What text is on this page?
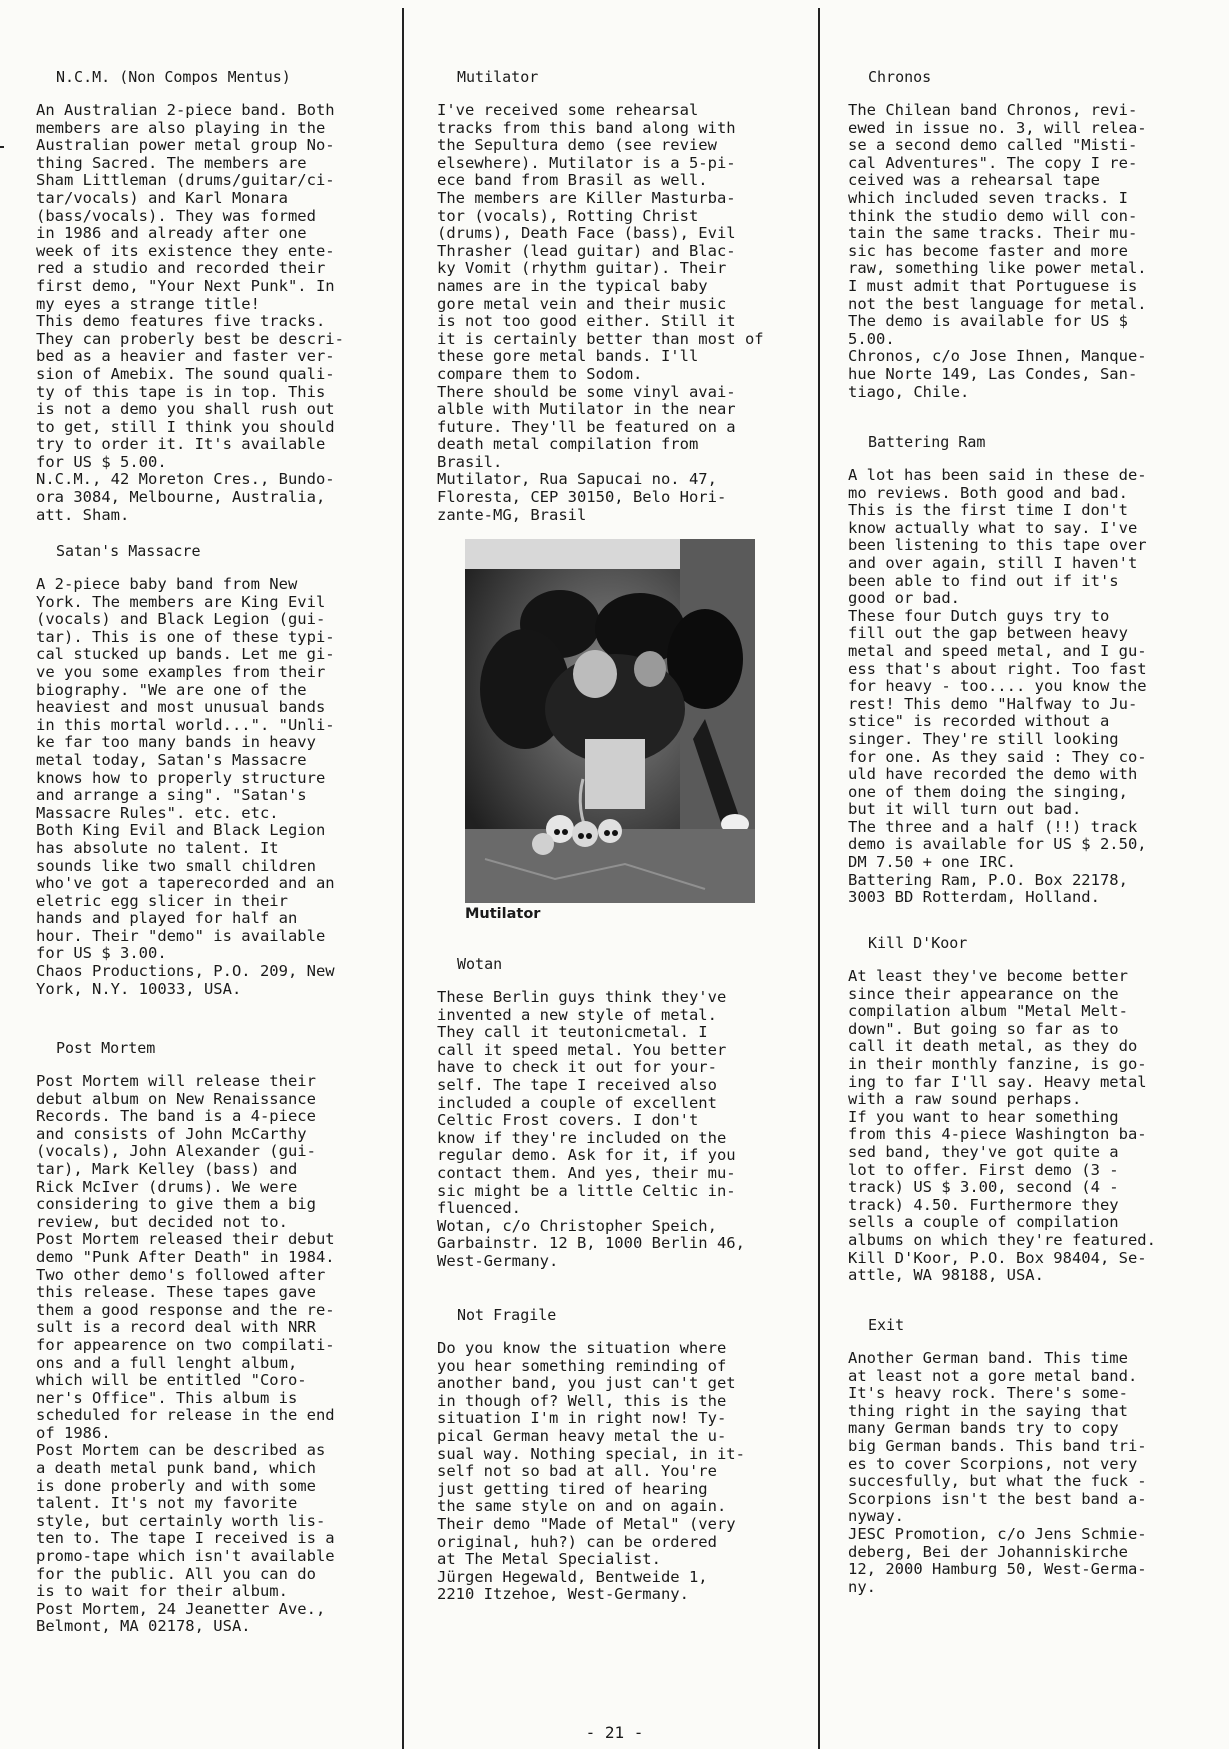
N.C.M. (Non Compos Mentus)

An Australian 2-piece band. Both
members are also playing in the
Australian power metal group No-
thing Sacred. The members are
Sham Littleman (drums/guitar/ci-
tar/vocals) and Karl Monara
(bass/vocals). They was formed
in 1986 and already after one
week of its existence they ente-
red a studio and recorded their
first demo, "Your Next Punk". In
my eyes a strange title!
This demo features five tracks.
They can proberly best be descri-
bed as a heavier and faster ver-
sion of Amebix. The sound quali-
ty of this tape is in top. This
is not a demo you shall rush out
to get, still I think you should
try to order it. It's available
for US $ 5.00.
N.C.M., 42 Moreton Cres., Bundo-
ora 3084, Melbourne, Australia,
att. Sham.

Satan's Massacre

A 2-piece baby band from New
York. The members are King Evil
(vocals) and Black Legion (gui-
tar). This is one of these typi-
cal stucked up bands. Let me gi-
ve you some examples from their
biography. "We are one of the
heaviest and most unusual bands
in this mortal world...". "Unli-
ke far too many bands in heavy
metal today, Satan's Massacre
knows how to properly structure
and arrange a sing". "Satan's
Massacre Rules". etc. etc.
Both King Evil and Black Legion
has absolute no talent. It
sounds like two small children
who've got a taperecorded and an
eletric egg slicer in their
hands and played for half an
hour. Their "demo" is available
for US $ 3.00.
Chaos Productions, P.O. 209, New
York, N.Y. 10033, USA.

Post Mortem

Post Mortem will release their
debut album on New Renaissance
Records. The band is a 4-piece
and consists of John McCarthy
(vocals), John Alexander (gui-
tar), Mark Kelley (bass) and
Rick McIver (drums). We were
considering to give them a big
review, but decided not to.
Post Mortem released their debut
demo "Punk After Death" in 1984.
Two other demo's followed after
this release. These tapes gave
them a good response and the re-
sult is a record deal with NRR
for appearence on two compilati-
ons and a full lenght album,
which will be entitled "Coro-
ner's Office". This album is
scheduled for release in the end
of 1986.
Post Mortem can be described as
a death metal punk band, which
is done proberly and with some
talent. It's not my favorite
style, but certainly worth lis-
ten to. The tape I received is a
promo-tape which isn't available
for the public. All you can do
is to wait for their album.
Post Mortem, 24 Jeanetter Ave.,
Belmont, MA 02178, USA.

Mutilator

I've received some rehearsal
tracks from this band along with
the Sepultura demo (see review
elsewhere). Mutilator is a 5-pi-
ece band from Brasil as well.
The members are Killer Masturba-
tor (vocals), Rotting Christ
(drums), Death Face (bass), Evil
Thrasher (lead guitar) and Blac-
ky Vomit (rhythm guitar). Their
names are in the typical baby
gore metal vein and their music
is not too good either. Still it
it is certainly better than most of
these gore metal bands. I'll
compare them to Sodom.
There should be some vinyl avai-
alble with Mutilator in the near
future. They'll be featured on a
death metal compilation from
Brasil.
Mutilator, Rua Sapucai no. 47,
Floresta, CEP 30150, Belo Hori-
zante-MG, Brasil

Mutilator
Wotan

These Berlin guys think they've
invented a new style of metal.
They call it teutonicmetal. I
call it speed metal. You better
have to check it out for your-
self. The tape I received also
included a couple of excellent
Celtic Frost covers. I don't
know if they're included on the
regular demo. Ask for it, if you
contact them. And yes, their mu-
sic might be a little Celtic in-
fluenced.
Wotan, c/o Christopher Speich,
Garbainstr. 12 B, 1000 Berlin 46,
West-Germany.

Not Fragile

Do you know the situation where
you hear something reminding of
another band, you just can't get
in though of? Well, this is the
situation I'm in right now! Ty-
pical German heavy metal the u-
sual way. Nothing special, in it-
self not so bad at all. You're
just getting tired of hearing
the same style on and on again.
Their demo "Made of Metal" (very
original, huh?) can be ordered
at The Metal Specialist.
Jürgen Hegewald, Bentweide 1,
2210 Itzehoe, West-Germany.

Chronos

The Chilean band Chronos, revi-
ewed in issue no. 3, will relea-
se a second demo called "Misti-
cal Adventures". The copy I re-
ceived was a rehearsal tape
which included seven tracks. I
think the studio demo will con-
tain the same tracks. Their mu-
sic has become faster and more
raw, something like power metal.
I must admit that Portuguese is
not the best language for metal.
The demo is available for US $
5.00.
Chronos, c/o Jose Ihnen, Manque-
hue Norte 149, Las Condes, San-
tiago, Chile.

Battering Ram

A lot has been said in these de-
mo reviews. Both good and bad.
This is the first time I don't
know actually what to say. I've
been listening to this tape over
and over again, still I haven't
been able to find out if it's
good or bad.
These four Dutch guys try to
fill out the gap between heavy
metal and speed metal, and I gu-
ess that's about right. Too fast
for heavy - too.... you know the
rest! This demo "Halfway to Ju-
stice" is recorded without a
singer. They're still looking
for one. As they said : They co-
uld have recorded the demo with
one of them doing the singing,
but it will turn out bad.
The three and a half (!!) track
demo is available for US $ 2.50,
DM 7.50 + one IRC.
Battering Ram, P.O. Box 22178,
3003 BD Rotterdam, Holland.

Kill D'Koor

At least they've become better
since their appearance on the
compilation album "Metal Melt-
down". But going so far as to
call it death metal, as they do
in their monthly fanzine, is go-
ing to far I'll say. Heavy metal
with a raw sound perhaps.
If you want to hear something
from this 4-piece Washington ba-
sed band, they've got quite a
lot to offer. First demo (3 -
track) US $ 3.00, second (4 -
track) 4.50. Furthermore they
sells a couple of compilation
albums on which they're featured.
Kill D'Koor, P.O. Box 98404, Se-
attle, WA 98188, USA.

Exit

Another German band. This time
at least not a gore metal band.
It's heavy rock. There's some-
thing right in the saying that
many German bands try to copy
big German bands. This band tri-
es to cover Scorpions, not very
succesfully, but what the fuck -
Scorpions isn't the best band a-
nyway.
JESC Promotion, c/o Jens Schmie-
deberg, Bei der Johanniskirche
12, 2000 Hamburg 50, West-Germa-
ny.

- 21 -
